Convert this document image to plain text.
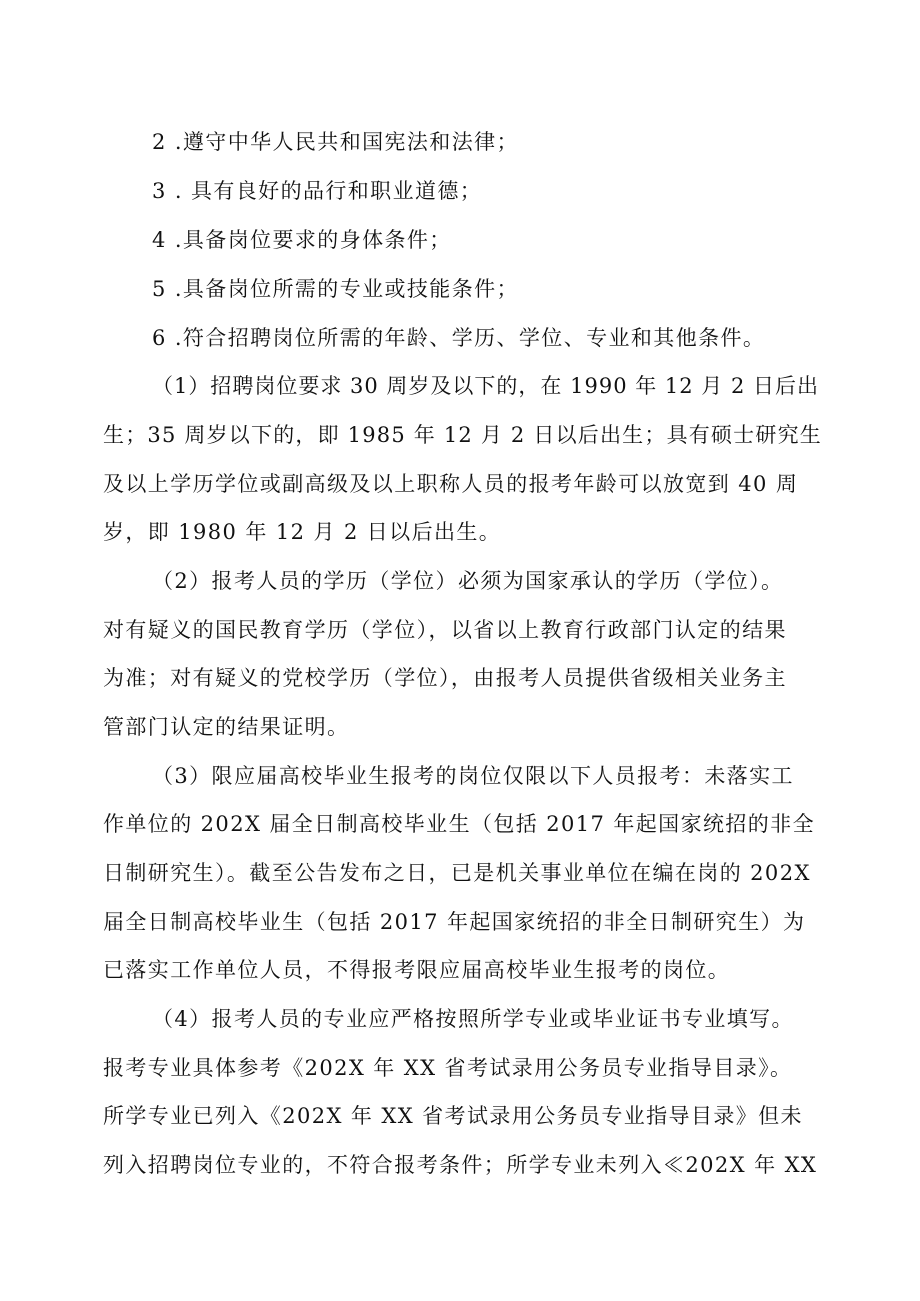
2 .遵守中华人民共和国宪法和法律；
3 . 具有良好的品行和职业道德；
4 .具备岗位要求的身体条件；
5 .具备岗位所需的专业或技能条件；
6 .符合招聘岗位所需的年龄、学历、学位、专业和其他条件。
（1）招聘岗位要求 30 周岁及以下的，在 1990 年 12 月 2 日后出
生；35 周岁以下的，即 1985 年 12 月 2 日以后出生；具有硕士研究生
及以上学历学位或副高级及以上职称人员的报考年龄可以放宽到 40 周
岁，即 1980 年 12 月 2 日以后出生。
（2）报考人员的学历（学位）必须为国家承认的学历（学位）。
对有疑义的国民教育学历（学位），以省以上教育行政部门认定的结果
为准；对有疑义的党校学历（学位），由报考人员提供省级相关业务主
管部门认定的结果证明。
（3）限应届高校毕业生报考的岗位仅限以下人员报考：未落实工
作单位的 202X 届全日制高校毕业生（包括 2017 年起国家统招的非全
日制研究生）。截至公告发布之日，已是机关事业单位在编在岗的 202X
届全日制高校毕业生（包括 2017 年起国家统招的非全日制研究生）为
已落实工作单位人员，不得报考限应届高校毕业生报考的岗位。
（4）报考人员的专业应严格按照所学专业或毕业证书专业填写。
报考专业具体参考《202X 年 XX 省考试录用公务员专业指导目录》。
所学专业已列入《202X 年 XX 省考试录用公务员专业指导目录》但未
列入招聘岗位专业的，不符合报考条件；所学专业未列入≪202X 年 XX
